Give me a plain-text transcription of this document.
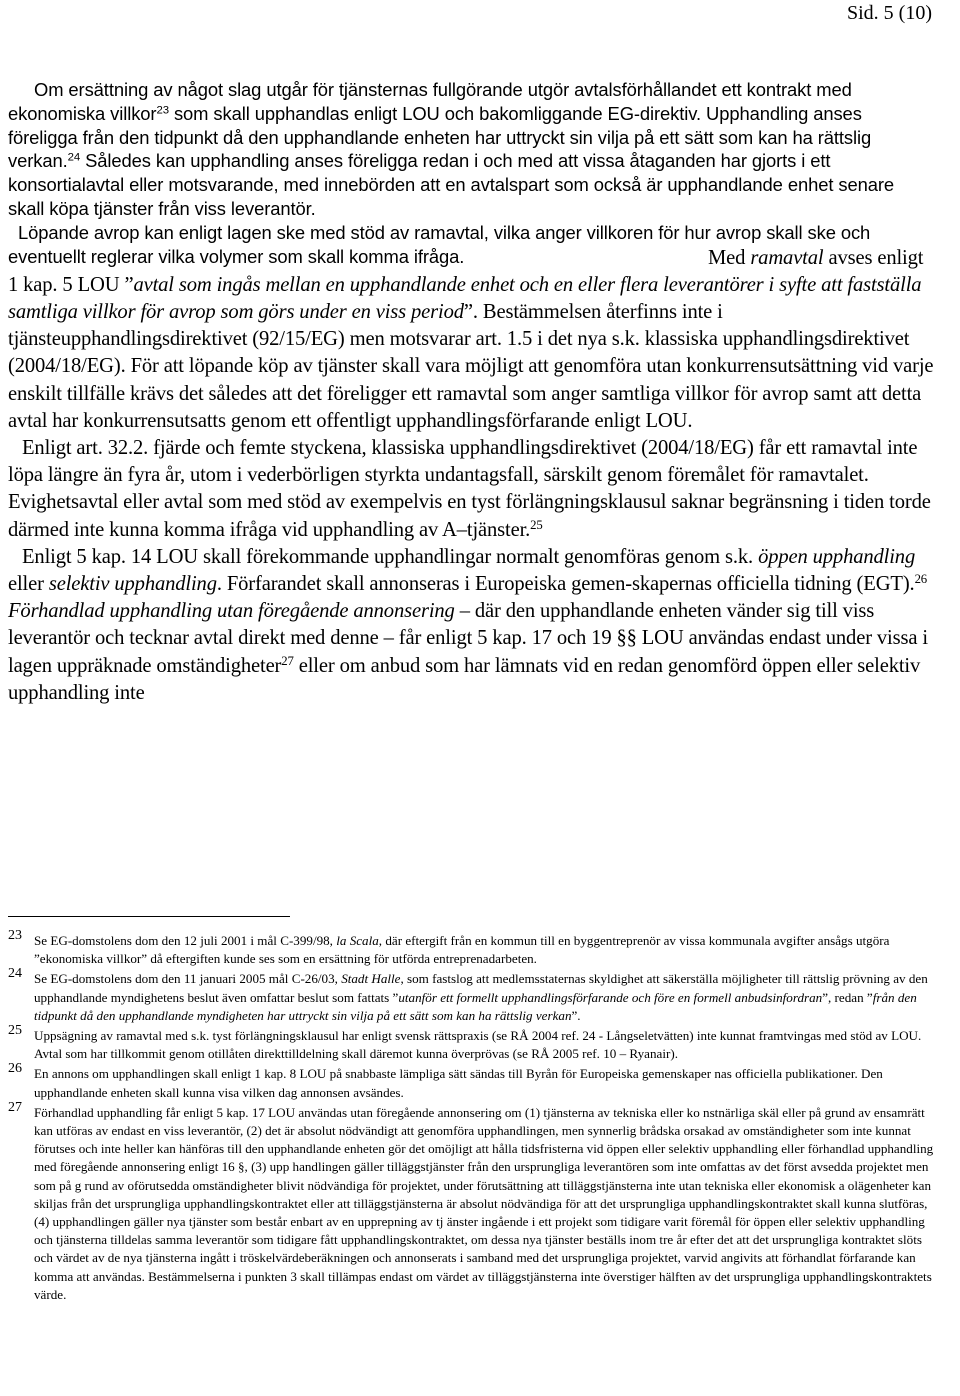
Sid. 5 (10)

Om ersättning av något slag utgår för tjänsternas fullgörande utgör avtalsförhållandet ett kontrakt med ekonomiska villkor$^{23}$ som skall upphandlas enligt LOU och bakomliggande EG-direktiv. Upphandling anses föreligga från den tidpunkt då den upphandlande enheten har uttryckt sin vilja på ett sätt som kan ha rättslig verkan.$^{24}$ Således kan upphandling anses föreligga redan i och med att vissa åtaganden har gjorts i ett konsortialavtal eller motsvarande, med innebörden att en avtalspart som också är upphandlande enhet senare skall köpa tjänster från viss leverantör.

Löpande avrop kan enligt lagen ske med stöd av ramavtal, vilka anger villkoren för hur avrop skall ske och eventuellt reglerar vilka volymer som skall komma ifråga.	Med ramavtal avses enligt 1 kap. 5 LOU ”avtal som ingås mellan en upphandlande enhet och en eller flera leverantörer i syfte att fastställa samtliga villkor för avrop som görs under en viss period”. Bestämmelsen återfinns inte i tjänsteupphandlingsdirektivet (92/15/EG) men motsvarar art. 1.5 i det nya s.k. klassiska upphandlingsdirektivet (2004/18/EG). För att löpande köp av tjänster skall vara möjligt att genomföra utan konkurrensutsättning vid varje enskilt tillfälle krävs det således att det föreligger ett ramavtal som anger samtliga villkor för avrop samt att detta avtal har konkurrensutsatts genom ett offentligt upphandlingsförfarande enligt LOU.

Enligt art. 32.2. fjärde och femte styckena, klassiska upphandlingsdirektivet (2004/18/EG) får ett ramavtal inte löpa längre än fyra år, utom i vederbörligen styrkta undantagsfall, särskilt genom föremålet för ramavtalet. Evighetsavtal eller avtal som med stöd av exempelvis en tyst förlängningsklausul saknar begränsning i tiden torde därmed inte kunna komma ifråga vid upphandling av A–tjänster.$^{25}$

Enligt 5 kap. 14 LOU skall förekommande upphandlingar normalt genomföras genom s.k. öppen upphandling eller selektiv upphandling. Förfarandet skall annonseras i Europeiska gemen-skapernas officiella tidning (EGT).$^{26}$ Förhandlad upphandling utan föregående annonsering – där den upphandlande enheten vänder sig till viss leverantör och tecknar avtal direkt med denne – får enligt 5 kap. 17 och 19 §§ LOU användas endast under vissa i lagen uppräknade omständigheter$^{27}$ eller om anbud som har lämnats vid en redan genomförd öppen eller selektiv upphandling inte

23 Se EG-domstolens dom den 12 juli 2001 i mål C-399/98, la Scala, där eftergift från en kommun till en byggentreprenör av vissa kommunala avgifter ansågs utgöra ”ekonomiska villkor” då eftergiften kunde ses som en ersättning för utförda entreprenadarbeten.
24 Se EG-domstolens dom den 11 januari 2005 mål C-26/03, Stadt Halle, som fastslog att medlemsstaternas skyldighet att säkerställa möjligheter till rättslig prövning av den upphandlande myndighetens beslut även omfattar beslut som fattats ”utanför ett formellt upphandlingsförfarande och före en formell anbudsinfordran”, redan ”från den tidpunkt då den upphandlande myndigheten har uttryckt sin vilja på ett sätt som kan ha rättslig verkan”.
25 Uppsägning av ramavtal med s.k. tyst förlängningsklausul har enligt svensk rättspraxis (se RÅ 2004 ref. 24 - Långseletvätten) inte kunnat framtvingas med stöd av LOU. Avtal som har tillkommit genom otillåten direkttilldelning skall däremot kunna överprövas (se RÅ 2005 ref. 10 – Ryanair).
26 En annons om upphandlingen skall enligt 1 kap. 8 LOU på snabbaste lämpliga sätt sändas till Byrån för Europeiska gemenskaper nas officiella publikationer. Den upphandlande enheten skall kunna visa vilken dag annonsen avsändes.
27 Förhandlad upphandling får enligt 5 kap. 17 LOU användas utan föregående annonsering om (1) tjänsterna av tekniska eller ko nstnärliga skäl eller på grund av ensamrätt kan utföras av endast en viss leverantör, (2) det är absolut nödvändigt att genomföra upphandlingen, men synnerlig brådska orsakad av omständigheter som inte kunnat förutses och inte heller kan hänföras till den upphandlande enheten gör det omöjligt att hålla tidsfristerna vid öppen eller selektiv upphandling eller förhandlad upphandling med föregående annonsering enligt 16 §, (3) upp handlingen gäller tilläggstjänster från den ursprungliga leverantören som inte omfattas av det först avsedda projektet men som på g rund av oförutsedda omständigheter blivit nödvändiga för projektet, under förutsättning att tilläggstjänsterna inte utan tekniska eller ekonomisk a olägenheter kan skiljas från det ursprungliga upphandlingskontraktet eller att tilläggstjänsterna är absolut nödvändiga för att det ursprungliga upphandlingskontraktet skall kunna slutföras, (4) upphandlingen gäller nya tjänster som består enbart av en upprepning av tj änster ingående i ett projekt som tidigare varit föremål för öppen eller selektiv upphandling och tjänsterna tilldelas samma leverantör som tidigare fått upphandlingskontraktet, om dessa nya tjänster beställs inom tre år efter det att det ursprungliga kontraktet slöts och värdet av de nya tjänsterna ingått i tröskelvärdeberäkningen och annonserats i samband med det ursprungliga projektet, varvid angivits att förhandlat förfarande kan komma att användas. Bestämmelserna i punkten 3 skall tillämpas endast om värdet av tilläggstjänsterna inte överstiger hälften av det ursprungliga upphandlingskontraktets värde.
